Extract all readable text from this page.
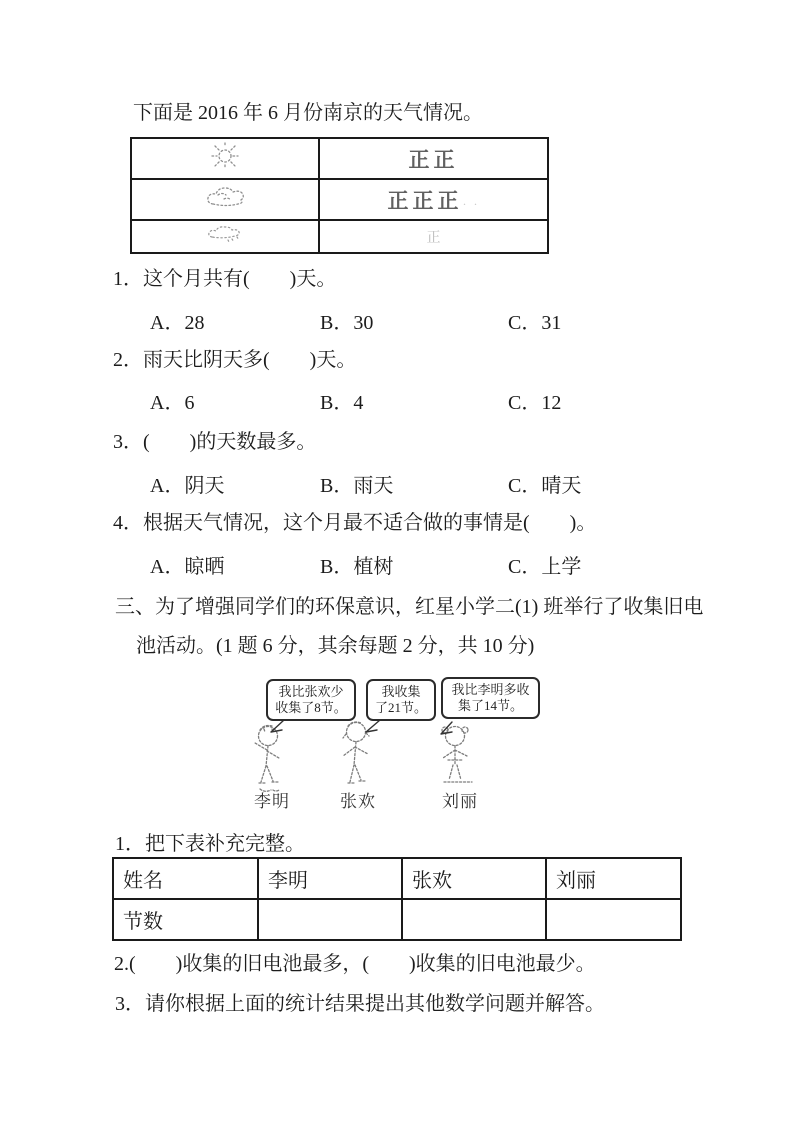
下面是 2016 年 6 月份南京的天气情况。
	正正
	正正正· ·
	正
1．这个月共有(　　)天。
A．28	B．30	C．31
2．雨天比阴天多(　　)天。
A．6	B．4	C．12
3．(　　)的天数最多。
A．阴天	B．雨天	C．晴天
4．根据天气情况，这个月最不适合做的事情是(　　)。
A．晾晒	B．植树	C．上学
三、为了增强同学们的环保意识，红星小学二(1) 班举行了收集旧电
池活动。(1 题 6 分，其余每题 2 分，共 10 分)
我比张欢少
收集了8节。
我收集
了21节。
我比李明多收
集了14节。
李明	张欢	刘丽
1．把下表补充完整。
姓名	李明	张欢	刘丽
节数			
2.(　　)收集的旧电池最多，(　　)收集的旧电池最少。
3．请你根据上面的统计结果提出其他数学问题并解答。
